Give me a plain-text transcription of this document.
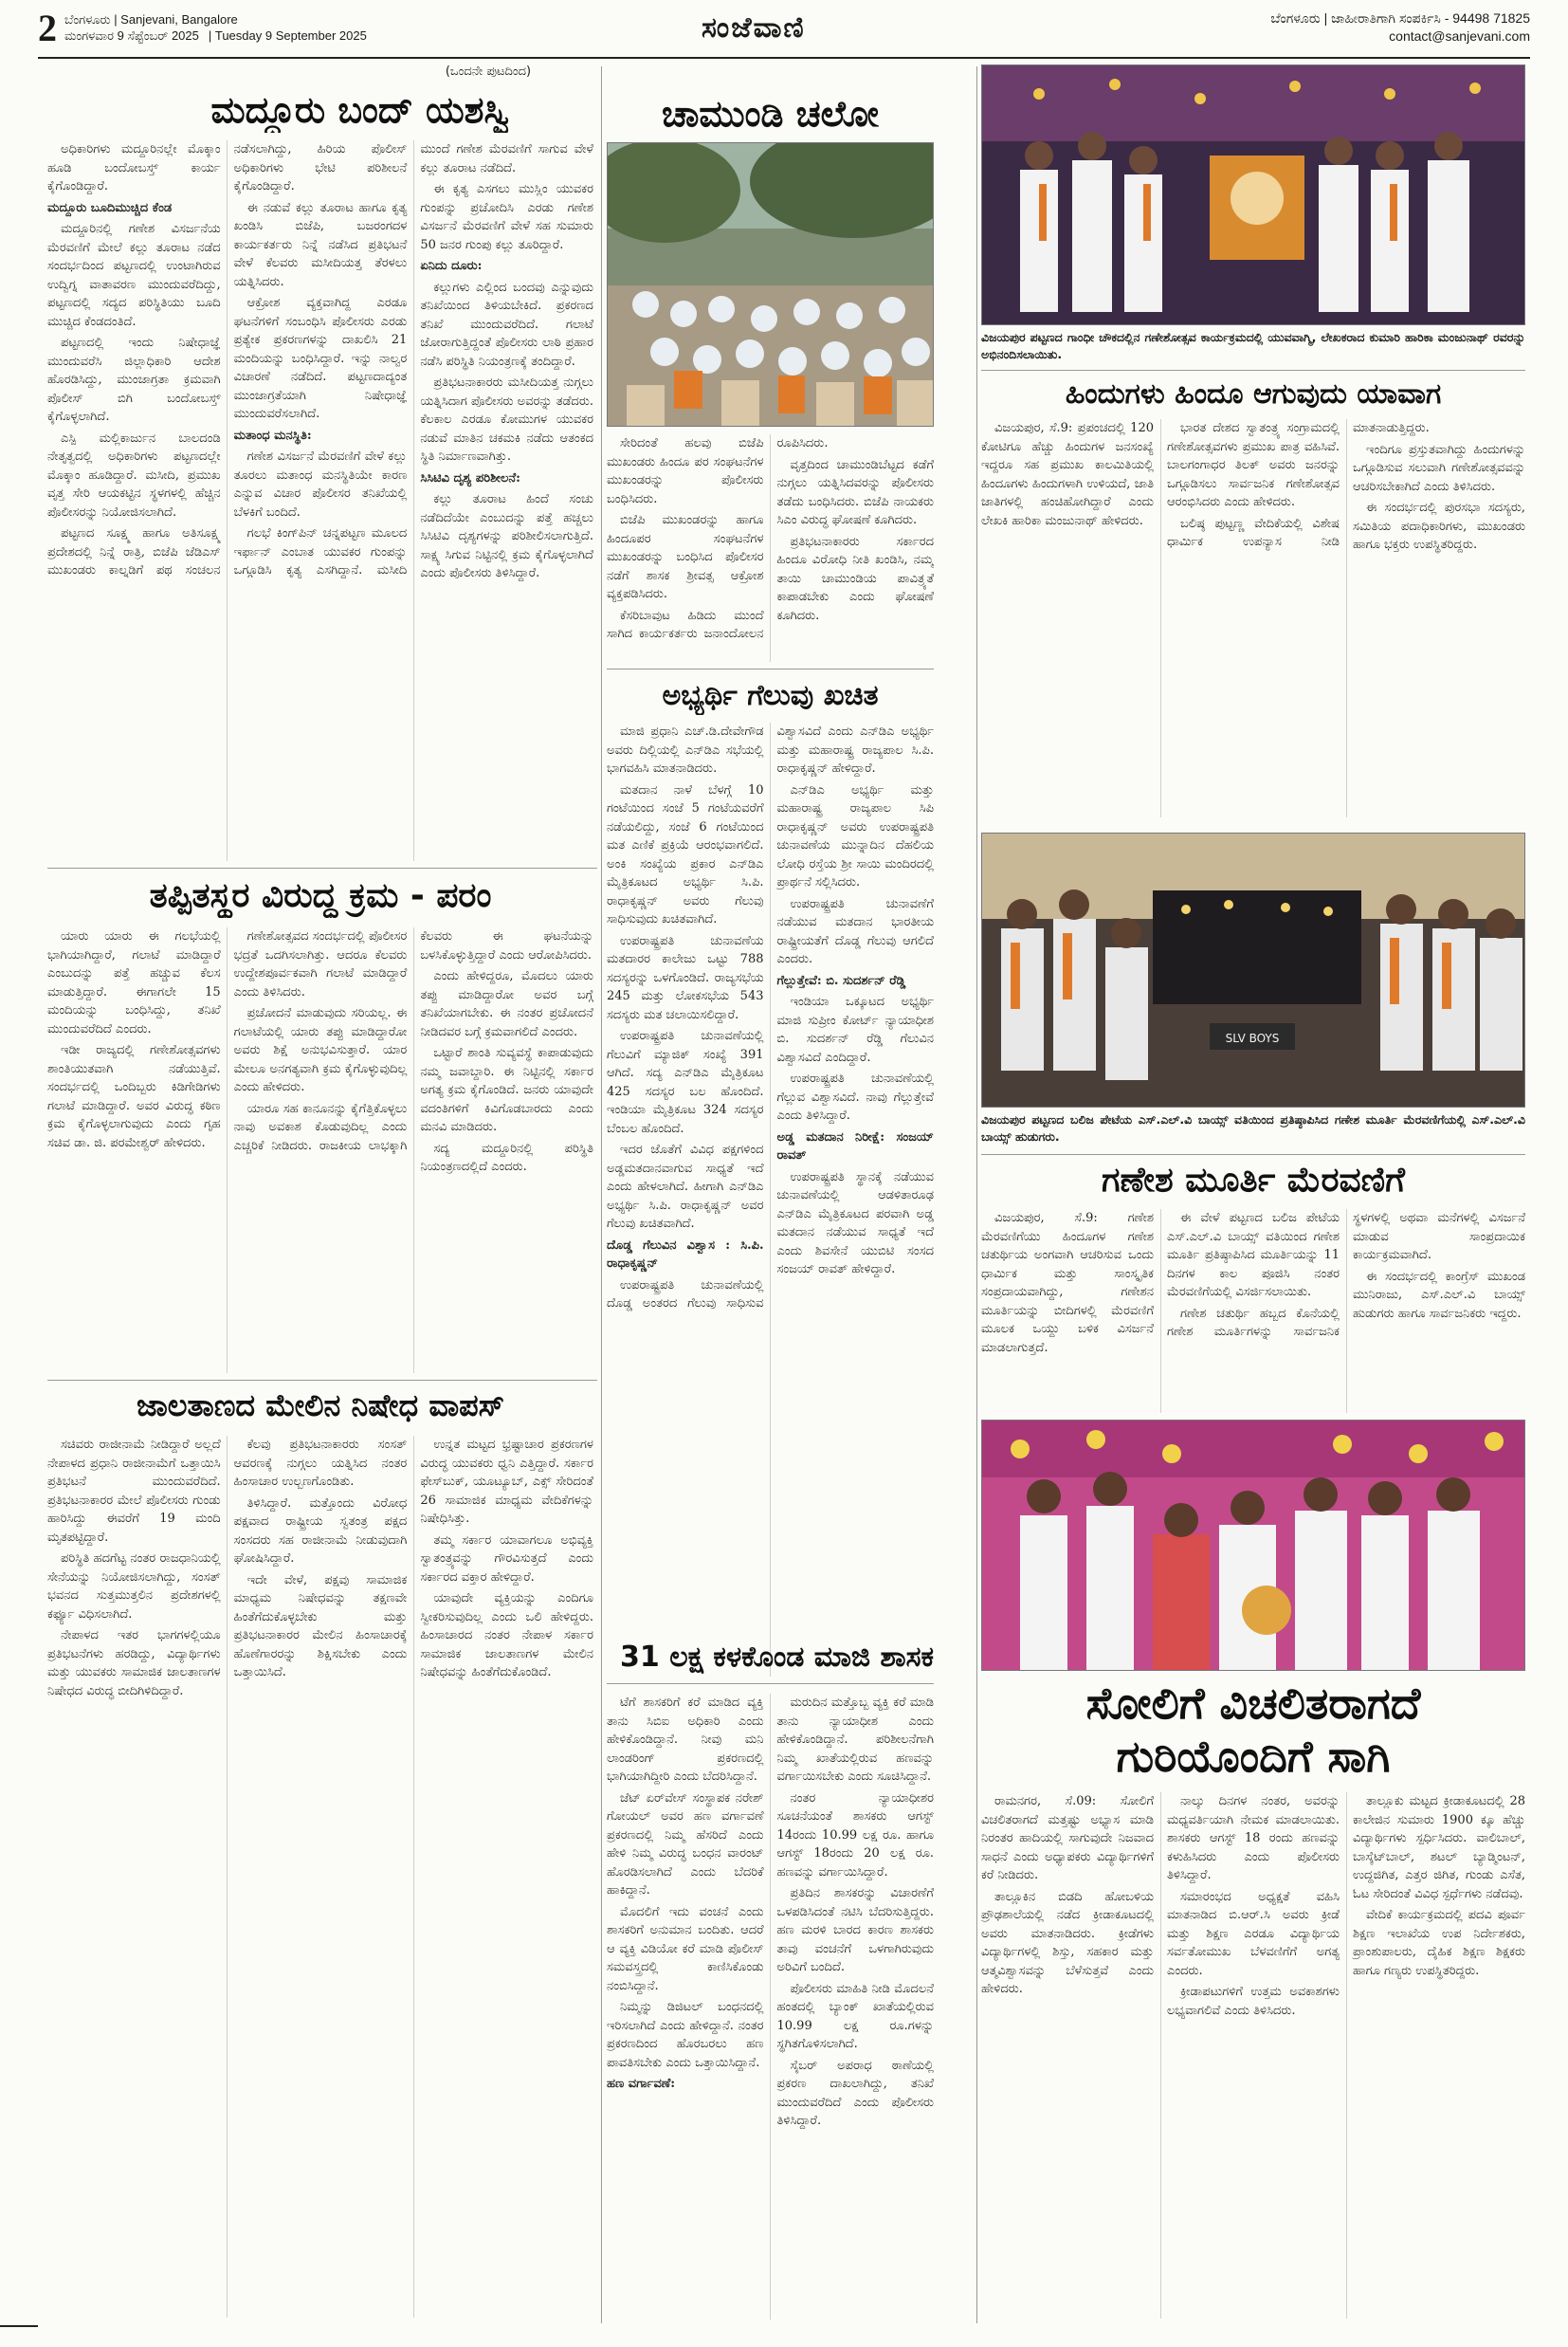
2 ಬೆಂಗಳೂರು | Sanjevani, Bangalore
ಮಂಗಳವಾರ 9 ಸೆಪ್ಟೆಂಬರ್ 2025 | Tuesday 9 September 2025	ಸಂಜೆವಾಣಿ	ಬೆಂಗಳೂರು | ಜಾಹೀರಾತಿಗಾಗಿ ಸಂಪರ್ಕಿಸಿ - 94498 71825
contact@sanjevani.com
(ಒಂದನೇ ಪುಟದಿಂದ)
ಮದ್ದೂರು ಬಂದ್ ಯಶಸ್ವಿ

ಅಧಿಕಾರಿಗಳು ಮದ್ದೂರಿನಲ್ಲೇ ಮೊಕ್ಕಾಂ ಹೂಡಿ ಬಂದೋಬಸ್ತ್ ಕಾರ್ಯ ಕೈಗೊಂಡಿದ್ದಾರೆ.

ಮದ್ದೂರು ಬೂದಿಮುಚ್ಚಿದ ಕೆಂಡ

ಮದ್ದೂರಿನಲ್ಲಿ ಗಣೇಶ ವಿಸರ್ಜನೆಯ ಮೆರವಣಿಗೆ ಮೇಲೆ ಕಲ್ಲು ತೂರಾಟ ನಡೆದ ಸಂದರ್ಭದಿಂದ ಪಟ್ಟಣದಲ್ಲಿ ಉಂಟಾಗಿರುವ ಉದ್ವಿಗ್ನ ವಾತಾವರಣ ಮುಂದುವರೆದಿದ್ದು, ಪಟ್ಟಣದಲ್ಲಿ ಸದ್ಯದ ಪರಿಸ್ಥಿತಿಯು ಬೂದಿ ಮುಚ್ಚಿದ ಕೆಂಡದಂತಿದೆ.

ಪಟ್ಟಣದಲ್ಲಿ ಇಂದು ನಿಷೇಧಾಜ್ಞೆ ಮುಂದುವರೆಸಿ ಜಿಲ್ಲಾಧಿಕಾರಿ ಆದೇಶ ಹೊರಡಿಸಿದ್ದು, ಮುಂಜಾಗ್ರತಾ ಕ್ರಮವಾಗಿ ಪೊಲೀಸ್ ಬಿಗಿ ಬಂದೋಬಸ್ತ್ ಕೈಗೊಳ್ಳಲಾಗಿದೆ.

ಎಸ್ಪಿ ಮಲ್ಲಿಕಾರ್ಜುನ ಬಾಲದಂಡಿ ನೇತೃತ್ವದಲ್ಲಿ ಅಧಿಕಾರಿಗಳು ಪಟ್ಟಣದಲ್ಲೇ ಮೊಕ್ಕಾಂ ಹೂಡಿದ್ದಾರೆ. ಮಸೀದಿ, ಪ್ರಮುಖ ವೃತ್ತ ಸೇರಿ ಆಯಕಟ್ಟಿನ ಸ್ಥಳಗಳಲ್ಲಿ ಹೆಚ್ಚಿನ ಪೊಲೀಸರನ್ನು ನಿಯೋಜಿಸಲಾಗಿದೆ.

ಪಟ್ಟಣದ ಸೂಕ್ಷ್ಮ ಹಾಗೂ ಅತಿಸೂಕ್ಷ್ಮ ಪ್ರದೇಶದಲ್ಲಿ ನಿನ್ನೆ ರಾತ್ರಿ, ಬಿಜೆಪಿ ಜೆಡಿಎಸ್ ಮುಖಂಡರು ಕಾಲ್ನಡಿಗೆ ಪಥ ಸಂಚಲನ ನಡೆಸಲಾಗಿದ್ದು, ಹಿರಿಯ ಪೊಲೀಸ್ ಅಧಿಕಾರಿಗಳು ಭೇಟಿ ಪರಿಶೀಲನೆ ಕೈಗೊಂಡಿದ್ದಾರೆ.

ಈ ನಡುವೆ ಕಲ್ಲು ತೂರಾಟ ಹಾಗೂ ಕೃತ್ಯ ಖಂಡಿಸಿ ಬಿಜೆಪಿ, ಬಜರಂಗದಳ ಕಾರ್ಯಕರ್ತರು ನಿನ್ನೆ ನಡೆಸಿದ ಪ್ರತಿಭಟನೆ ವೇಳೆ ಕೆಲವರು ಮಸೀದಿಯತ್ತ ತೆರಳಲು ಯತ್ನಿಸಿದರು.

ಆಕ್ರೋಶ ವ್ಯಕ್ತವಾಗಿದ್ದ ಎರಡೂ ಘಟನೆಗಳಿಗೆ ಸಂಬಂಧಿಸಿ ಪೊಲೀಸರು ಎರಡು ಪ್ರತ್ಯೇಕ ಪ್ರಕರಣಗಳನ್ನು ದಾಖಲಿಸಿ 21 ಮಂದಿಯನ್ನು ಬಂಧಿಸಿದ್ದಾರೆ. ಇನ್ನು ನಾಲ್ವರ ವಿಚಾರಣೆ ನಡೆದಿದೆ. ಪಟ್ಟಣದಾದ್ಯಂತ ಮುಂಜಾಗ್ರತೆಯಾಗಿ ನಿಷೇಧಾಜ್ಞೆ ಮುಂದುವರೆಸಲಾಗಿದೆ.

ಮತಾಂಧ ಮನಸ್ಥಿತಿ:

ಗಣೇಶ ವಿಸರ್ಜನೆ ಮೆರವಣಿಗೆ ವೇಳೆ ಕಲ್ಲು ತೂರಲು ಮತಾಂಧ ಮನಸ್ಥಿತಿಯೇ ಕಾರಣ ಎನ್ನುವ ವಿಚಾರ ಪೊಲೀಸರ ತನಿಖೆಯಲ್ಲಿ ಬೆಳಕಿಗೆ ಬಂದಿದೆ.

ಗಲಭೆ ಕಿಂಗ್‌ಪಿನ್ ಚನ್ನಪಟ್ಟಣ ಮೂಲದ ಇರ್ಫಾನ್ ಎಂಬಾತ ಯುವಕರ ಗುಂಪನ್ನು ಒಗ್ಗೂಡಿಸಿ ಕೃತ್ಯ ಎಸಗಿದ್ದಾನೆ. ಮಸೀದಿ ಮುಂದೆ ಗಣೇಶ ಮೆರವಣಿಗೆ ಸಾಗುವ ವೇಳೆ ಕಲ್ಲು ತೂರಾಟ ನಡೆದಿದೆ.

ಈ ಕೃತ್ಯ ಎಸಗಲು ಮುಸ್ಲಿಂ ಯುವಕರ ಗುಂಪನ್ನು ಪ್ರಚೋದಿಸಿ ಎರಡು ಗಣೇಶ ವಿಸರ್ಜನೆ ಮೆರವಣಿಗೆ ವೇಳೆ ಸಹ ಸುಮಾರು 50 ಜನರ ಗುಂಪು ಕಲ್ಲು ತೂರಿದ್ದಾರೆ.

ಏನಿದು ದೂರು:

ಕಲ್ಲುಗಳು ಎಲ್ಲಿಂದ ಬಂದವು ಎನ್ನುವುದು ತನಿಖೆಯಿಂದ ತಿಳಿಯಬೇಕಿದೆ. ಪ್ರಕರಣದ ತನಿಖೆ ಮುಂದುವರೆದಿದೆ. ಗಲಾಟೆ ಜೋರಾಗುತ್ತಿದ್ದಂತೆ ಪೊಲೀಸರು ಲಾಠಿ ಪ್ರಹಾರ ನಡೆಸಿ ಪರಿಸ್ಥಿತಿ ನಿಯಂತ್ರಣಕ್ಕೆ ತಂದಿದ್ದಾರೆ.

ಪ್ರತಿಭಟನಾಕಾರರು ಮಸೀದಿಯತ್ತ ನುಗ್ಗಲು ಯತ್ನಿಸಿದಾಗ ಪೊಲೀಸರು ಅವರನ್ನು ತಡೆದರು. ಕೆಲಕಾಲ ಎರಡೂ ಕೋಮುಗಳ ಯುವಕರ ನಡುವೆ ಮಾತಿನ ಚಕಮಕಿ ನಡೆದು ಆತಂಕದ ಸ್ಥಿತಿ ನಿರ್ಮಾಣವಾಗಿತ್ತು.

ಸಿಸಿಟಿವಿ ದೃಶ್ಯ ಪರಿಶೀಲನೆ:

ಕಲ್ಲು ತೂರಾಟ ಹಿಂದೆ ಸಂಚು ನಡೆದಿದೆಯೇ ಎಂಬುದನ್ನು ಪತ್ತೆ ಹಚ್ಚಲು ಸಿಸಿಟಿವಿ ದೃಶ್ಯಗಳನ್ನು ಪರಿಶೀಲಿಸಲಾಗುತ್ತಿದೆ. ಸಾಕ್ಷ್ಯ ಸಿಗುವ ನಿಟ್ಟಿನಲ್ಲಿ ಕ್ರಮ ಕೈಗೊಳ್ಳಲಾಗಿದೆ ಎಂದು ಪೊಲೀಸರು ತಿಳಿಸಿದ್ದಾರೆ.

ಚಾಮುಂಡಿ ಚಲೋ

ಸೇರಿದಂತೆ ಹಲವು ಬಿಜೆಪಿ ಮುಖಂಡರು ಹಿಂದೂ ಪರ ಸಂಘಟನೆಗಳ ಮುಖಂಡರನ್ನು ಪೊಲೀಸರು ಬಂಧಿಸಿದರು.

ಬಿಜೆಪಿ ಮುಖಂಡರನ್ನು ಹಾಗೂ ಹಿಂದೂಪರ ಸಂಘಟನೆಗಳ ಮುಖಂಡರನ್ನು ಬಂಧಿಸಿದ ಪೊಲೀಸರ ನಡೆಗೆ ಶಾಸಕ ಶ್ರೀವತ್ಸ ಆಕ್ರೋಶ ವ್ಯಕ್ತಪಡಿಸಿದರು.

ಕೆಸರಿಬಾವುಟ ಹಿಡಿದು ಮುಂದೆ ಸಾಗಿದ ಕಾರ್ಯಕರ್ತರು ಜನಾಂದೋಲನ ರೂಪಿಸಿದರು.

ವೃತ್ತದಿಂದ ಚಾಮುಂಡಿಬೆಟ್ಟದ ಕಡೆಗೆ ನುಗ್ಗಲು ಯತ್ನಿಸಿದವರನ್ನು ಪೊಲೀಸರು ತಡೆದು ಬಂಧಿಸಿದರು. ಬಿಜೆಪಿ ನಾಯಕರು ಸಿಎಂ ವಿರುದ್ಧ ಘೋಷಣೆ ಕೂಗಿದರು.

ಪ್ರತಿಭಟನಾಕಾರರು ಸರ್ಕಾರದ ಹಿಂದೂ ವಿರೋಧಿ ನೀತಿ ಖಂಡಿಸಿ, ನಮ್ಮ ತಾಯಿ ಚಾಮುಂಡಿಯ ಪಾವಿತ್ರ್ಯತೆ ಕಾಪಾಡಬೇಕು ಎಂದು ಘೋಷಣೆ ಕೂಗಿದರು.

ಅಭ್ಯರ್ಥಿ ಗೆಲುವು ಖಚಿತ

ಮಾಜಿ ಪ್ರಧಾನಿ ಎಚ್.ಡಿ.ದೇವೇಗೌಡ ಅವರು ದಿಲ್ಲಿಯಲ್ಲಿ ಎನ್‌ಡಿಎ ಸಭೆಯಲ್ಲಿ ಭಾಗವಹಿಸಿ ಮಾತನಾಡಿದರು.

ಮತದಾನ ನಾಳೆ ಬೆಳಗ್ಗೆ 10 ಗಂಟೆಯಿಂದ ಸಂಜೆ 5 ಗಂಟೆಯವರೆಗೆ ನಡೆಯಲಿದ್ದು, ಸಂಜೆ 6 ಗಂಟೆಯಿಂದ ಮತ ಎಣಿಕೆ ಪ್ರಕ್ರಿಯೆ ಆರಂಭವಾಗಲಿದೆ. ಅಂಕಿ ಸಂಖ್ಯೆಯ ಪ್ರಕಾರ ಎನ್‌ಡಿಎ ಮೈತ್ರಿಕೂಟದ ಅಭ್ಯರ್ಥಿ ಸಿ.ಪಿ. ರಾಧಾಕೃಷ್ಣನ್ ಅವರು ಗೆಲುವು ಸಾಧಿಸುವುದು ಖಚಿತವಾಗಿದೆ.

ಉಪರಾಷ್ಟ್ರಪತಿ ಚುನಾವಣೆಯ ಮತದಾರರ ಕಾಲೇಜು ಒಟ್ಟು 788 ಸದಸ್ಯರನ್ನು ಒಳಗೊಂಡಿದೆ. ರಾಜ್ಯಸಭೆಯ 245 ಮತ್ತು ಲೋಕಸಭೆಯ 543 ಸದಸ್ಯರು ಮತ ಚಲಾಯಿಸಲಿದ್ದಾರೆ.

ಉಪರಾಷ್ಟ್ರಪತಿ ಚುನಾವಣೆಯಲ್ಲಿ ಗೆಲುವಿಗೆ ಮ್ಯಾಜಿಕ್ ಸಂಖ್ಯೆ 391 ಆಗಿದೆ. ಸದ್ಯ ಎನ್‌ಡಿಎ ಮೈತ್ರಿಕೂಟ 425 ಸದಸ್ಯರ ಬಲ ಹೊಂದಿದೆ. ಇಂಡಿಯಾ ಮೈತ್ರಿಕೂಟ 324 ಸದಸ್ಯರ ಬೆಂಬಲ ಹೊಂದಿದೆ.

ಇದರ ಜೊತೆಗೆ ವಿವಿಧ ಪಕ್ಷಗಳಿಂದ ಅಡ್ಡಮತದಾನವಾಗುವ ಸಾಧ್ಯತೆ ಇದೆ ಎಂದು ಹೇಳಲಾಗಿದೆ. ಹೀಗಾಗಿ ಎನ್‌ಡಿಎ ಅಭ್ಯರ್ಥಿ ಸಿ.ಪಿ. ರಾಧಾಕೃಷ್ಣನ್ ಅವರ ಗೆಲುವು ಖಚಿತವಾಗಿದೆ.

ದೊಡ್ಡ ಗೆಲುವಿನ ವಿಶ್ವಾಸ : ಸಿ.ಪಿ. ರಾಧಾಕೃಷ್ಣನ್

ಉಪರಾಷ್ಟ್ರಪತಿ ಚುನಾವಣೆಯಲ್ಲಿ ದೊಡ್ಡ ಅಂತರದ ಗೆಲುವು ಸಾಧಿಸುವ ವಿಶ್ವಾಸವಿದೆ ಎಂದು ಎನ್‌ಡಿಎ ಅಭ್ಯರ್ಥಿ ಮತ್ತು ಮಹಾರಾಷ್ಟ್ರ ರಾಜ್ಯಪಾಲ ಸಿ.ಪಿ. ರಾಧಾಕೃಷ್ಣನ್ ಹೇಳಿದ್ದಾರೆ.

ಎನ್‌ಡಿಎ ಅಭ್ಯರ್ಥಿ ಮತ್ತು ಮಹಾರಾಷ್ಟ್ರ ರಾಜ್ಯಪಾಲ ಸಿಪಿ ರಾಧಾಕೃಷ್ಣನ್ ಅವರು ಉಪರಾಷ್ಟ್ರಪತಿ ಚುನಾವಣೆಯ ಮುನ್ನಾದಿನ ದೆಹಲಿಯ ಲೋಧಿ ರಸ್ತೆಯ ಶ್ರೀ ಸಾಯಿ ಮಂದಿರದಲ್ಲಿ ಪ್ರಾರ್ಥನೆ ಸಲ್ಲಿಸಿದರು.

ಉಪರಾಷ್ಟ್ರಪತಿ ಚುನಾವಣೆಗೆ ನಡೆಯುವ ಮತದಾನ ಭಾರತೀಯ ರಾಷ್ಟ್ರೀಯತೆಗೆ ದೊಡ್ಡ ಗೆಲುವು ಆಗಲಿದೆ ಎಂದರು.

ಗೆಲ್ಲುತ್ತೇವೆ: ಬಿ. ಸುದರ್ಶನ್ ರೆಡ್ಡಿ

ಇಂಡಿಯಾ ಒಕ್ಕೂಟದ ಅಭ್ಯರ್ಥಿ ಮಾಜಿ ಸುಪ್ರೀಂ ಕೋರ್ಟ್ ನ್ಯಾಯಾಧೀಶ ಬಿ. ಸುದರ್ಶನ್ ರೆಡ್ಡಿ ಗೆಲುವಿನ ವಿಶ್ವಾಸವಿದೆ ಎಂದಿದ್ದಾರೆ.

ಉಪರಾಷ್ಟ್ರಪತಿ ಚುನಾವಣೆಯಲ್ಲಿ ಗೆಲ್ಲುವ ವಿಶ್ವಾಸವಿದೆ. ನಾವು ಗೆಲ್ಲುತ್ತೇವೆ ಎಂದು ತಿಳಿಸಿದ್ದಾರೆ.

ಅಡ್ಡ ಮತದಾನ ನಿರೀಕ್ಷೆ: ಸಂಜಯ್ ರಾವತ್

ಉಪರಾಷ್ಟ್ರಪತಿ ಸ್ಥಾನಕ್ಕೆ ನಡೆಯುವ ಚುನಾವಣೆಯಲ್ಲಿ ಆಡಳಿತಾರೂಢ ಎನ್‌ಡಿಎ ಮೈತ್ರಿಕೂಟದ ಪರವಾಗಿ ಅಡ್ಡ ಮತದಾನ ನಡೆಯುವ ಸಾಧ್ಯತೆ ಇದೆ ಎಂದು ಶಿವಸೇನೆ ಯುಬಿಟಿ ಸಂಸದ ಸಂಜಯ್ ರಾವತ್ ಹೇಳಿದ್ದಾರೆ.

ತಪ್ಪಿತಸ್ಥರ ವಿರುದ್ಧ ಕ್ರಮ - ಪರಂ

ಯಾರು ಯಾರು ಈ ಗಲಭೆಯಲ್ಲಿ ಭಾಗಿಯಾಗಿದ್ದಾರೆ, ಗಲಾಟೆ ಮಾಡಿದ್ದಾರೆ ಎಂಬುದನ್ನು ಪತ್ತೆ ಹಚ್ಚುವ ಕೆಲಸ ಮಾಡುತ್ತಿದ್ದಾರೆ. ಈಗಾಗಲೇ 15 ಮಂದಿಯನ್ನು ಬಂಧಿಸಿದ್ದು, ತನಿಖೆ ಮುಂದುವರೆದಿದೆ ಎಂದರು.

ಇಡೀ ರಾಜ್ಯದಲ್ಲಿ ಗಣೇಶೋತ್ಸವಗಳು ಶಾಂತಿಯುತವಾಗಿ ನಡೆಯುತ್ತಿವೆ. ಸಂದರ್ಭದಲ್ಲಿ ಒಂದಿಬ್ಬರು ಕಿಡಿಗೇಡಿಗಳು ಗಲಾಟೆ ಮಾಡಿದ್ದಾರೆ. ಅವರ ವಿರುದ್ಧ ಕಠಿಣ ಕ್ರಮ ಕೈಗೊಳ್ಳಲಾಗುವುದು ಎಂದು ಗೃಹ ಸಚಿವ ಡಾ. ಜಿ. ಪರಮೇಶ್ವರ್ ಹೇಳಿದರು.

ಗಣೇಶೋತ್ಸವದ ಸಂದರ್ಭದಲ್ಲಿ ಪೊಲೀಸರ ಭದ್ರತೆ ಒದಗಿಸಲಾಗಿತ್ತು. ಆದರೂ ಕೆಲವರು ಉದ್ದೇಶಪೂರ್ವಕವಾಗಿ ಗಲಾಟೆ ಮಾಡಿದ್ದಾರೆ ಎಂದು ತಿಳಿಸಿದರು.

ಪ್ರಚೋದನೆ ಮಾಡುವುದು ಸರಿಯಲ್ಲ. ಈ ಗಲಾಟೆಯಲ್ಲಿ ಯಾರು ತಪ್ಪು ಮಾಡಿದ್ದಾರೋ ಅವರು ಶಿಕ್ಷೆ ಅನುಭವಿಸುತ್ತಾರೆ. ಯಾರ ಮೇಲೂ ಅನಗತ್ಯವಾಗಿ ಕ್ರಮ ಕೈಗೊಳ್ಳುವುದಿಲ್ಲ ಎಂದು ಹೇಳಿದರು.

ಯಾರೂ ಸಹ ಕಾನೂನನ್ನು ಕೈಗೆತ್ತಿಕೊಳ್ಳಲು ನಾವು ಅವಕಾಶ ಕೊಡುವುದಿಲ್ಲ ಎಂದು ಎಚ್ಚರಿಕೆ ನೀಡಿದರು. ರಾಜಕೀಯ ಲಾಭಕ್ಕಾಗಿ ಕೆಲವರು ಈ ಘಟನೆಯನ್ನು ಬಳಸಿಕೊಳ್ಳುತ್ತಿದ್ದಾರೆ ಎಂದು ಆರೋಪಿಸಿದರು.

ಎಂದು ಹೇಳಿದ್ದರೂ, ಮೊದಲು ಯಾರು ತಪ್ಪು ಮಾಡಿದ್ದಾರೋ ಅವರ ಬಗ್ಗೆ ತನಿಖೆಯಾಗಬೇಕು. ಈ ನಂತರ ಪ್ರಚೋದನೆ ನೀಡಿದವರ ಬಗ್ಗೆ ಕ್ರಮವಾಗಲಿದೆ ಎಂದರು.

ಒಟ್ಟಾರೆ ಶಾಂತಿ ಸುವ್ಯವಸ್ಥೆ ಕಾಪಾಡುವುದು ನಮ್ಮ ಜವಾಬ್ದಾರಿ. ಈ ನಿಟ್ಟಿನಲ್ಲಿ ಸರ್ಕಾರ ಅಗತ್ಯ ಕ್ರಮ ಕೈಗೊಂಡಿದೆ. ಜನರು ಯಾವುದೇ ವದಂತಿಗಳಿಗೆ ಕಿವಿಗೊಡಬಾರದು ಎಂದು ಮನವಿ ಮಾಡಿದರು.

ಸದ್ಯ ಮದ್ದೂರಿನಲ್ಲಿ ಪರಿಸ್ಥಿತಿ ನಿಯಂತ್ರಣದಲ್ಲಿದೆ ಎಂದರು.

ಜಾಲತಾಣದ ಮೇಲಿನ ನಿಷೇಧ ವಾಪಸ್

ಸಚಿವರು ರಾಜೀನಾಮೆ ನೀಡಿದ್ದಾರೆ ಅಲ್ಲದೆ ನೇಪಾಳದ ಪ್ರಧಾನಿ ರಾಜೀನಾಮೆಗೆ ಒತ್ತಾಯಿಸಿ ಪ್ರತಿಭಟನೆ ಮುಂದುವರೆದಿದೆ. ಪ್ರತಿಭಟನಾಕಾರರ ಮೇಲೆ ಪೊಲೀಸರು ಗುಂಡು ಹಾರಿಸಿದ್ದು ಈವರೆಗೆ 19 ಮಂದಿ ಮೃತಪಟ್ಟಿದ್ದಾರೆ.

ಪರಿಸ್ಥಿತಿ ಹದಗೆಟ್ಟ ನಂತರ ರಾಜಧಾನಿಯಲ್ಲಿ ಸೇನೆಯನ್ನು ನಿಯೋಜಿಸಲಾಗಿದ್ದು, ಸಂಸತ್ ಭವನದ ಸುತ್ತಮುತ್ತಲಿನ ಪ್ರದೇಶಗಳಲ್ಲಿ ಕರ್ಫ್ಯೂ ವಿಧಿಸಲಾಗಿದೆ.

ನೇಪಾಳದ ಇತರ ಭಾಗಗಳಲ್ಲಿಯೂ ಪ್ರತಿಭಟನೆಗಳು ಹರಡಿದ್ದು, ವಿದ್ಯಾರ್ಥಿಗಳು ಮತ್ತು ಯುವಕರು ಸಾಮಾಜಿಕ ಜಾಲತಾಣಗಳ ನಿಷೇಧದ ವಿರುದ್ಧ ಬೀದಿಗಿಳಿದಿದ್ದಾರೆ.

ಕೆಲವು ಪ್ರತಿಭಟನಾಕಾರರು ಸಂಸತ್ ಆವರಣಕ್ಕೆ ನುಗ್ಗಲು ಯತ್ನಿಸಿದ ನಂತರ ಹಿಂಸಾಚಾರ ಉಲ್ಬಣಗೊಂಡಿತು.

ತಿಳಿಸಿದ್ದಾರೆ. ಮತ್ತೊಂದು ವಿರೋಧ ಪಕ್ಷವಾದ ರಾಷ್ಟ್ರೀಯ ಸ್ವತಂತ್ರ ಪಕ್ಷದ ಸಂಸದರು ಸಹ ರಾಜೀನಾಮೆ ನೀಡುವುದಾಗಿ ಘೋಷಿಸಿದ್ದಾರೆ.

ಇದೇ ವೇಳೆ, ಪಕ್ಷವು ಸಾಮಾಜಿಕ ಮಾಧ್ಯಮ ನಿಷೇಧವನ್ನು ತಕ್ಷಣವೇ ಹಿಂತೆಗೆದುಕೊಳ್ಳಬೇಕು ಮತ್ತು ಪ್ರತಿಭಟನಾಕಾರರ ಮೇಲಿನ ಹಿಂಸಾಚಾರಕ್ಕೆ ಹೊಣೆಗಾರರನ್ನು ಶಿಕ್ಷಿಸಬೇಕು ಎಂದು ಒತ್ತಾಯಿಸಿದೆ.

ಉನ್ನತ ಮಟ್ಟದ ಭ್ರಷ್ಟಾಚಾರ ಪ್ರಕರಣಗಳ ವಿರುದ್ಧ ಯುವಕರು ಧ್ವನಿ ಎತ್ತಿದ್ದಾರೆ. ಸರ್ಕಾರ ಫೇಸ್‌ಬುಕ್, ಯೂಟ್ಯೂಬ್, ಎಕ್ಸ್ ಸೇರಿದಂತೆ 26 ಸಾಮಾಜಿಕ ಮಾಧ್ಯಮ ವೇದಿಕೆಗಳನ್ನು ನಿಷೇಧಿಸಿತ್ತು.

ತಮ್ಮ ಸರ್ಕಾರ ಯಾವಾಗಲೂ ಅಭಿವ್ಯಕ್ತಿ ಸ್ವಾತಂತ್ರ್ಯವನ್ನು ಗೌರವಿಸುತ್ತದೆ ಎಂದು ಸರ್ಕಾರದ ವಕ್ತಾರ ಹೇಳಿದ್ದಾರೆ.

ಯಾವುದೇ ವ್ಯಕ್ತಿಯನ್ನು ಎಂದಿಗೂ ಸ್ವೀಕರಿಸುವುದಿಲ್ಲ ಎಂದು ಒಲಿ ಹೇಳಿದ್ದರು. ಹಿಂಸಾಚಾರದ ನಂತರ ನೇಪಾಳ ಸರ್ಕಾರ ಸಾಮಾಜಿಕ ಜಾಲತಾಣಗಳ ಮೇಲಿನ ನಿಷೇಧವನ್ನು ಹಿಂತೆಗೆದುಕೊಂಡಿದೆ.	31 ಲಕ್ಷ ಕಳಕೊಂಡ ಮಾಜಿ ಶಾಸಕ

ಟೆಗೆ ಶಾಸಕರಿಗೆ ಕರೆ ಮಾಡಿದ ವ್ಯಕ್ತಿ ತಾನು ಸಿಬಿಐ ಅಧಿಕಾರಿ ಎಂದು ಹೇಳಿಕೊಂಡಿದ್ದಾನೆ. ನೀವು ಮನಿ ಲಾಂಡರಿಂಗ್ ಪ್ರಕರಣದಲ್ಲಿ ಭಾಗಿಯಾಗಿದ್ದೀರಿ ಎಂದು ಬೆದರಿಸಿದ್ದಾನೆ.

ಜೆಟ್ ಏರ್‌ವೇಸ್ ಸಂಸ್ಥಾಪಕ ನರೇಶ್ ಗೋಯಲ್ ಅವರ ಹಣ ವರ್ಗಾವಣೆ ಪ್ರಕರಣದಲ್ಲಿ ನಿಮ್ಮ ಹೆಸರಿದೆ ಎಂದು ಹೇಳಿ ನಿಮ್ಮ ವಿರುದ್ಧ ಬಂಧನ ವಾರಂಟ್ ಹೊರಡಿಸಲಾಗಿದೆ ಎಂದು ಬೆದರಿಕೆ ಹಾಕಿದ್ದಾನೆ.

ಮೊದಲಿಗೆ ಇದು ವಂಚನೆ ಎಂದು ಶಾಸಕರಿಗೆ ಅನುಮಾನ ಬಂದಿತು. ಆದರೆ ಆ ವ್ಯಕ್ತಿ ವಿಡಿಯೋ ಕರೆ ಮಾಡಿ ಪೊಲೀಸ್ ಸಮವಸ್ತ್ರದಲ್ಲಿ ಕಾಣಿಸಿಕೊಂಡು ನಂಬಿಸಿದ್ದಾನೆ.

ನಿಮ್ಮನ್ನು ಡಿಜಿಟಲ್ ಬಂಧನದಲ್ಲಿ ಇರಿಸಲಾಗಿದೆ ಎಂದು ಹೇಳಿದ್ದಾನೆ. ನಂತರ ಪ್ರಕರಣದಿಂದ ಹೊರಬರಲು ಹಣ ಪಾವತಿಸಬೇಕು ಎಂದು ಒತ್ತಾಯಿಸಿದ್ದಾನೆ.

ಹಣ ವರ್ಗಾವಣೆ:

ಮರುದಿನ ಮತ್ತೊಬ್ಬ ವ್ಯಕ್ತಿ ಕರೆ ಮಾಡಿ ತಾನು ನ್ಯಾಯಾಧೀಶ ಎಂದು ಹೇಳಿಕೊಂಡಿದ್ದಾನೆ. ಪರಿಶೀಲನೆಗಾಗಿ ನಿಮ್ಮ ಖಾತೆಯಲ್ಲಿರುವ ಹಣವನ್ನು ವರ್ಗಾಯಿಸಬೇಕು ಎಂದು ಸೂಚಿಸಿದ್ದಾನೆ.

ನಂತರ ನ್ಯಾಯಾಧೀಶರ ಸೂಚನೆಯಂತೆ ಶಾಸಕರು ಆಗಸ್ಟ್ 14ರಂದು 10.99 ಲಕ್ಷ ರೂ. ಹಾಗೂ ಆಗಸ್ಟ್ 18ರಂದು 20 ಲಕ್ಷ ರೂ. ಹಣವನ್ನು ವರ್ಗಾಯಿಸಿದ್ದಾರೆ.

ಪ್ರತಿದಿನ ಶಾಸಕರನ್ನು ವಿಚಾರಣೆಗೆ ಒಳಪಡಿಸಿದಂತೆ ನಟಿಸಿ ಬೆದರಿಸುತ್ತಿದ್ದರು. ಹಣ ಮರಳಿ ಬಾರದ ಕಾರಣ ಶಾಸಕರು ತಾವು ವಂಚನೆಗೆ ಒಳಗಾಗಿರುವುದು ಅರಿವಿಗೆ ಬಂದಿದೆ.

ಪೊಲೀಸರು ಮಾಹಿತಿ ನೀಡಿ ಮೊದಲನೆ ಹಂತದಲ್ಲಿ ಬ್ಯಾಂಕ್ ಖಾತೆಯಲ್ಲಿರುವ 10.99 ಲಕ್ಷ ರೂ.ಗಳನ್ನು ಸ್ಥಗಿತಗೊಳಿಸಲಾಗಿದೆ.

ಸೈಬರ್ ಅಪರಾಧ ಠಾಣೆಯಲ್ಲಿ ಪ್ರಕರಣ ದಾಖಲಾಗಿದ್ದು, ತನಿಖೆ ಮುಂದುವರೆದಿದೆ ಎಂದು ಪೊಲೀಸರು ತಿಳಿಸಿದ್ದಾರೆ.

ವಿಜಯಪುರ ಪಟ್ಟಣದ ಗಾಂಧೀ ಚೌಕದಲ್ಲಿನ ಗಣೇಶೋತ್ಸವ ಕಾರ್ಯಕ್ರಮದಲ್ಲಿ ಯುವವಾಗ್ಮಿ, ಲೇಖಕರಾದ ಕುಮಾರಿ ಹಾರಿಕಾ ಮಂಜುನಾಥ್ ರವರನ್ನು ಅಭಿನಂದಿಸಲಾಯಿತು.
ಹಿಂದುಗಳು ಹಿಂದೂ ಆಗುವುದು ಯಾವಾಗ

ವಿಜಯಪುರ, ಸೆ.9: ಪ್ರಪಂಚದಲ್ಲಿ 120 ಕೋಟಿಗೂ ಹೆಚ್ಚು ಹಿಂದುಗಳ ಜನಸಂಖ್ಯೆ ಇದ್ದರೂ ಸಹ ಪ್ರಮುಖ ಕಾಲಮಿತಿಯಲ್ಲಿ ಹಿಂದೂಗಳು ಹಿಂದುಗಳಾಗಿ ಉಳಿಯದೆ, ಜಾತಿ ಜಾತಿಗಳಲ್ಲಿ ಹಂಚಿಹೋಗಿದ್ದಾರೆ ಎಂದು ಲೇಖಕಿ ಹಾರಿಕಾ ಮಂಜುನಾಥ್ ಹೇಳಿದರು.

ಭಾರತ ದೇಶದ ಸ್ವಾತಂತ್ರ್ಯ ಸಂಗ್ರಾಮದಲ್ಲಿ ಗಣೇಶೋತ್ಸವಗಳು ಪ್ರಮುಖ ಪಾತ್ರ ವಹಿಸಿವೆ. ಬಾಲಗಂಗಾಧರ ತಿಲಕ್ ಅವರು ಜನರನ್ನು ಒಗ್ಗೂಡಿಸಲು ಸಾರ್ವಜನಿಕ ಗಣೇಶೋತ್ಸವ ಆರಂಭಿಸಿದರು ಎಂದು ಹೇಳಿದರು.

ಬಲಿಷ್ಠ ಪುಟ್ಟಣ್ಣ ವೇದಿಕೆಯಲ್ಲಿ ವಿಶೇಷ ಧಾರ್ಮಿಕ ಉಪನ್ಯಾಸ ನೀಡಿ ಮಾತನಾಡುತ್ತಿದ್ದರು.

ಇಂದಿಗೂ ಪ್ರಸ್ತುತವಾಗಿದ್ದು ಹಿಂದುಗಳನ್ನು ಒಗ್ಗೂಡಿಸುವ ಸಲುವಾಗಿ ಗಣೇಶೋತ್ಸವವನ್ನು ಆಚರಿಸಬೇಕಾಗಿದೆ ಎಂದು ತಿಳಿಸಿದರು.

ಈ ಸಂದರ್ಭದಲ್ಲಿ ಪುರಸಭಾ ಸದಸ್ಯರು, ಸಮಿತಿಯ ಪದಾಧಿಕಾರಿಗಳು, ಮುಖಂಡರು ಹಾಗೂ ಭಕ್ತರು ಉಪಸ್ಥಿತರಿದ್ದರು.

SLV BOYS
ವಿಜಯಪುರ ಪಟ್ಟಣದ ಬಲಿಜ ಪೇಟೆಯ ಎಸ್.ಎಲ್.ವಿ ಬಾಯ್ಸ್ ವತಿಯಿಂದ ಪ್ರತಿಷ್ಠಾಪಿಸಿದ ಗಣೇಶ ಮೂರ್ತಿ ಮೆರವಣಿಗೆಯಲ್ಲಿ ಎಸ್.ಎಲ್.ವಿ ಬಾಯ್ಸ್ ಹುಡುಗರು.
ಗಣೇಶ ಮೂರ್ತಿ ಮೆರವಣಿಗೆ

ವಿಜಯಪುರ, ಸೆ.9: ಗಣೇಶ ಮೆರವಣಿಗೆಯು ಹಿಂದೂಗಳ ಗಣೇಶ ಚತುರ್ಥಿಯ ಅಂಗವಾಗಿ ಆಚರಿಸುವ ಒಂದು ಧಾರ್ಮಿಕ ಮತ್ತು ಸಾಂಸ್ಕೃತಿಕ ಸಂಪ್ರದಾಯವಾಗಿದ್ದು, ಗಣೇಶನ ಮೂರ್ತಿಯನ್ನು ಬೀದಿಗಳಲ್ಲಿ ಮೆರವಣಿಗೆ ಮೂಲಕ ಒಯ್ದು ಬಳಿಕ ವಿಸರ್ಜನೆ ಮಾಡಲಾಗುತ್ತದೆ.

ಈ ವೇಳೆ ಪಟ್ಟಣದ ಬಲಿಜ ಪೇಟೆಯ ಎಸ್.ಎಲ್.ವಿ ಬಾಯ್ಸ್ ವತಿಯಿಂದ ಗಣೇಶ ಮೂರ್ತಿ ಪ್ರತಿಷ್ಠಾಪಿಸಿದ ಮೂರ್ತಿಯನ್ನು 11 ದಿನಗಳ ಕಾಲ ಪೂಜಿಸಿ ನಂತರ ಮೆರವಣಿಗೆಯಲ್ಲಿ ವಿಸರ್ಜಿಸಲಾಯಿತು.

ಗಣೇಶ ಚತುರ್ಥಿ ಹಬ್ಬದ ಕೊನೆಯಲ್ಲಿ ಗಣೇಶ ಮೂರ್ತಿಗಳನ್ನು ಸಾರ್ವಜನಿಕ ಸ್ಥಳಗಳಲ್ಲಿ ಅಥವಾ ಮನೆಗಳಲ್ಲಿ ವಿಸರ್ಜನೆ ಮಾಡುವ ಸಾಂಪ್ರದಾಯಿಕ ಕಾರ್ಯಕ್ರಮವಾಗಿದೆ.

ಈ ಸಂದರ್ಭದಲ್ಲಿ ಕಾಂಗ್ರೆಸ್ ಮುಖಂಡ ಮುನಿರಾಜು, ಎಸ್.ಎಲ್.ವಿ ಬಾಯ್ಸ್ ಹುಡುಗರು ಹಾಗೂ ಸಾರ್ವಜನಿಕರು ಇದ್ದರು.

ಸೋಲಿಗೆ ವಿಚಲಿತರಾಗದೆ
ಗುರಿಯೊಂದಿಗೆ ಸಾಗಿ

ರಾಮನಗರ, ಸೆ.09: ಸೋಲಿಗೆ ವಿಚಲಿತರಾಗದೆ ಮತ್ತಷ್ಟು ಅಭ್ಯಾಸ ಮಾಡಿ ನಿರಂತರ ಹಾದಿಯಲ್ಲಿ ಸಾಗುವುದೇ ನಿಜವಾದ ಸಾಧನೆ ಎಂದು ಅಧ್ಯಾಪಕರು ವಿದ್ಯಾರ್ಥಿಗಳಿಗೆ ಕರೆ ನೀಡಿದರು.

ತಾಲ್ಲೂಕಿನ ಬಿಡದಿ ಹೋಬಳಿಯ ಪ್ರೌಢಶಾಲೆಯಲ್ಲಿ ನಡೆದ ಕ್ರೀಡಾಕೂಟದಲ್ಲಿ ಅವರು ಮಾತನಾಡಿದರು. ಕ್ರೀಡೆಗಳು ವಿದ್ಯಾರ್ಥಿಗಳಲ್ಲಿ ಶಿಸ್ತು, ಸಹಕಾರ ಮತ್ತು ಆತ್ಮವಿಶ್ವಾಸವನ್ನು ಬೆಳೆಸುತ್ತವೆ ಎಂದು ಹೇಳಿದರು.

ನಾಲ್ಕು ದಿನಗಳ ನಂತರ, ಅವರನ್ನು ಮಧ್ಯವರ್ತಿಯಾಗಿ ನೇಮಕ ಮಾಡಲಾಯಿತು. ಶಾಸಕರು ಆಗಸ್ಟ್ 18 ರಂದು ಹಣವನ್ನು ಕಳುಹಿಸಿದರು ಎಂದು ಪೊಲೀಸರು ತಿಳಿಸಿದ್ದಾರೆ.

ಸಮಾರಂಭದ ಅಧ್ಯಕ್ಷತೆ ವಹಿಸಿ ಮಾತನಾಡಿದ ಬಿ.ಆರ್.ಸಿ ಅವರು ಕ್ರೀಡೆ ಮತ್ತು ಶಿಕ್ಷಣ ಎರಡೂ ವಿದ್ಯಾರ್ಥಿಯ ಸರ್ವತೋಮುಖ ಬೆಳವಣಿಗೆಗೆ ಅಗತ್ಯ ಎಂದರು.

ಕ್ರೀಡಾಪಟುಗಳಿಗೆ ಉತ್ತಮ ಅವಕಾಶಗಳು ಲಭ್ಯವಾಗಲಿವೆ ಎಂದು ತಿಳಿಸಿದರು.

ತಾಲ್ಲೂಕು ಮಟ್ಟದ ಕ್ರೀಡಾಕೂಟದಲ್ಲಿ 28 ಕಾಲೇಜಿನ ಸುಮಾರು 1900 ಕ್ಕೂ ಹೆಚ್ಚು ವಿದ್ಯಾರ್ಥಿಗಳು ಸ್ಪರ್ಧಿಸಿದರು. ವಾಲಿಬಾಲ್, ಬಾಸ್ಕೆಟ್‌ಬಾಲ್, ಶಟಲ್ ಬ್ಯಾಡ್ಮಿಂಟನ್, ಉದ್ದಜಿಗಿತ, ಎತ್ತರ ಜಿಗಿತ, ಗುಂಡು ಎಸೆತ, ಓಟ ಸೇರಿದಂತೆ ವಿವಿಧ ಸ್ಪರ್ಧೆಗಳು ನಡೆದವು.

ವೇದಿಕೆ ಕಾರ್ಯಕ್ರಮದಲ್ಲಿ ಪದವಿ ಪೂರ್ವ ಶಿಕ್ಷಣ ಇಲಾಖೆಯ ಉಪ ನಿರ್ದೇಶಕರು, ಪ್ರಾಂಶುಪಾಲರು, ದೈಹಿಕ ಶಿಕ್ಷಣ ಶಿಕ್ಷಕರು ಹಾಗೂ ಗಣ್ಯರು ಉಪಸ್ಥಿತರಿದ್ದರು.
